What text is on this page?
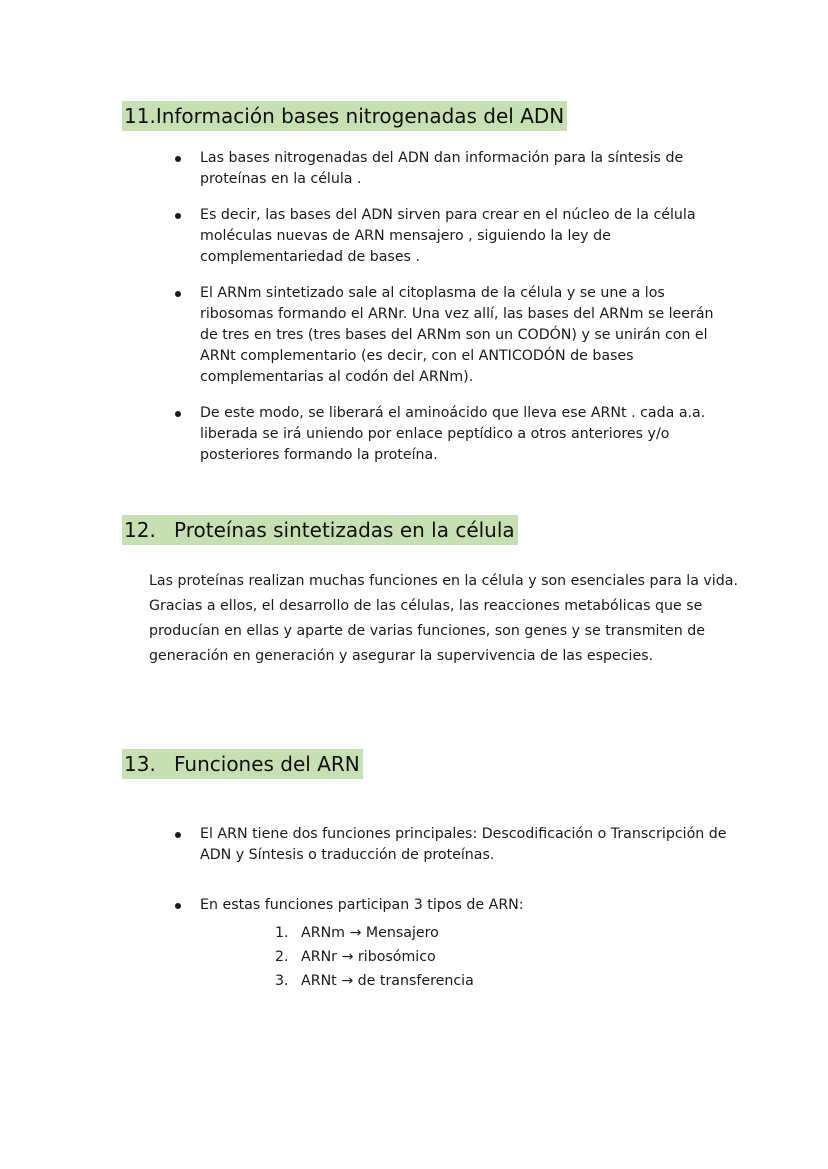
11.Información bases nitrogenadas del ADN
Las bases nitrogenadas del ADN dan información para la síntesis de proteínas en la célula .
Es decir, las bases del ADN sirven para crear en el núcleo de la célula moléculas nuevas de ARN mensajero , siguiendo la ley de complementariedad de bases .
El ARNm sintetizado sale al citoplasma de la célula y se une a los ribosomas formando el ARNr. Una vez allí, las bases del ARNm se leerán de tres en tres (tres bases del ARNm son un CODÓN) y se unirán con el ARNt complementario (es decir, con el ANTICODÓN de bases complementarias al codón del ARNm).
De este modo, se liberará el aminoácido que lleva ese ARNt . cada a.a. liberada se irá uniendo por enlace peptídico a otros anteriores y/o posteriores formando la proteína.
12. Proteínas sintetizadas en la célula

Las proteínas realizan muchas funciones en la célula y son esenciales para la vida. Gracias a ellos, el desarrollo de las células, las reacciones metabólicas que se producían en ellas y aparte de varias funciones, son genes y se transmiten de generación en generación y asegurar la supervivencia de las especies.

13. Funciones del ARN
El ARN tiene dos funciones principales: Descodificación o Transcripción de ADN y Síntesis o traducción de proteínas.
En estas funciones participan 3 tipos de ARN:
1. ARNm → Mensajero
2. ARNr → ribosómico
3. ARNt → de transferencia
